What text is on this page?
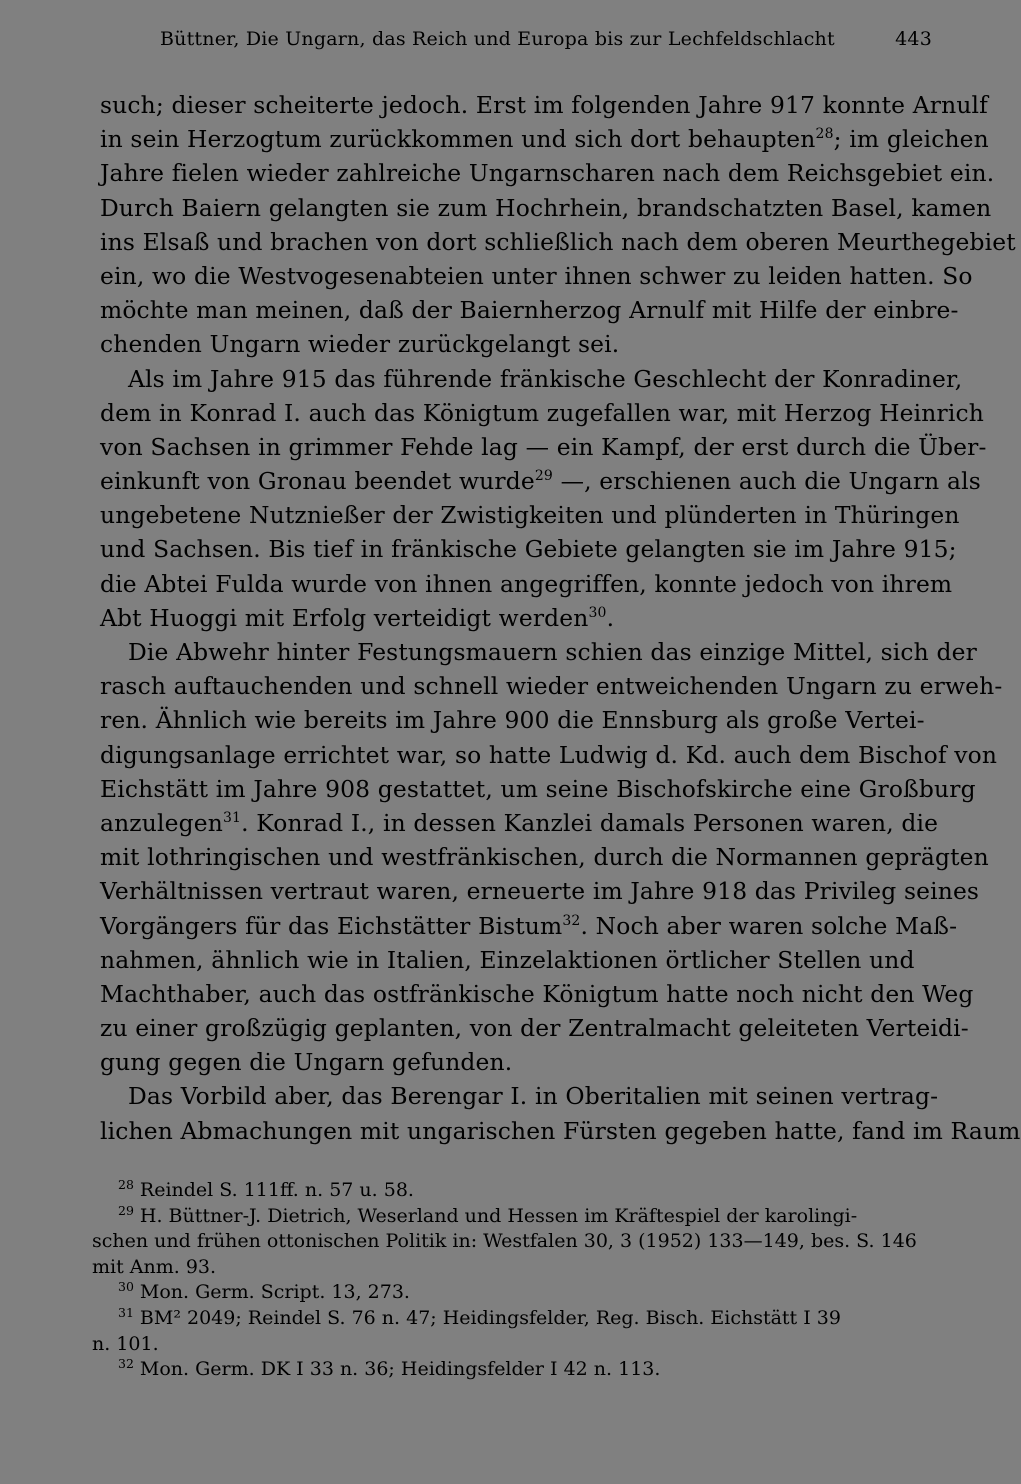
Büttner, Die Ungarn, das Reich und Europa bis zur Lechfeldschlacht	443
such; dieser scheiterte jedoch. Erst im folgenden Jahre 917 konnte Arnulf
in sein Herzogtum zurückkommen und sich dort behaupten$^{28}$; im gleichen
Jahre fielen wieder zahlreiche Ungarnscharen nach dem Reichsgebiet ein.
Durch Baiern gelangten sie zum Hochrhein, brandschatzten Basel, kamen
ins Elsaß und brachen von dort schließlich nach dem oberen Meurthegebiet
ein, wo die Westvogesenabteien unter ihnen schwer zu leiden hatten. So
möchte man meinen, daß der Baiernherzog Arnulf mit Hilfe der einbre-
chenden Ungarn wieder zurückgelangt sei.
Als im Jahre 915 das führende fränkische Geschlecht der Konradiner,
dem in Konrad I. auch das Königtum zugefallen war, mit Herzog Heinrich
von Sachsen in grimmer Fehde lag — ein Kampf, der erst durch die Über-
einkunft von Gronau beendet wurde$^{29}$ —, erschienen auch die Ungarn als
ungebetene Nutznießer der Zwistigkeiten und plünderten in Thüringen
und Sachsen. Bis tief in fränkische Gebiete gelangten sie im Jahre 915;
die Abtei Fulda wurde von ihnen angegriffen, konnte jedoch von ihrem
Abt Huoggi mit Erfolg verteidigt werden$^{30}$.
Die Abwehr hinter Festungsmauern schien das einzige Mittel, sich der
rasch auftauchenden und schnell wieder entweichenden Ungarn zu erweh-
ren. Ähnlich wie bereits im Jahre 900 die Ennsburg als große Vertei-
digungsanlage errichtet war, so hatte Ludwig d. Kd. auch dem Bischof von
Eichstätt im Jahre 908 gestattet, um seine Bischofskirche eine Großburg
anzulegen$^{31}$. Konrad I., in dessen Kanzlei damals Personen waren, die
mit lothringischen und westfränkischen, durch die Normannen geprägten
Verhältnissen vertraut waren, erneuerte im Jahre 918 das Privileg seines
Vorgängers für das Eichstätter Bistum$^{32}$. Noch aber waren solche Maß-
nahmen, ähnlich wie in Italien, Einzelaktionen örtlicher Stellen und
Machthaber, auch das ostfränkische Königtum hatte noch nicht den Weg
zu einer großzügig geplanten, von der Zentralmacht geleiteten Verteidi-
gung gegen die Ungarn gefunden.
Das Vorbild aber, das Berengar I. in Oberitalien mit seinen vertrag-
lichen Abmachungen mit ungarischen Fürsten gegeben hatte, fand im Raum
$^{28}$ Reindel S. 111ff. n. 57 u. 58.
$^{29}$ H. Büttner-J. Dietrich, Weserland und Hessen im Kräftespiel der karolingi-
schen und frühen ottonischen Politik in: Westfalen 30, 3 (1952) 133—149, bes. S. 146
mit Anm. 93.
$^{30}$ Mon. Germ. Script. 13, 273.
$^{31}$ BM² 2049; Reindel S. 76 n. 47; Heidingsfelder, Reg. Bisch. Eichstätt I 39
n. 101.
$^{32}$ Mon. Germ. DK I 33 n. 36; Heidingsfelder I 42 n. 113.
